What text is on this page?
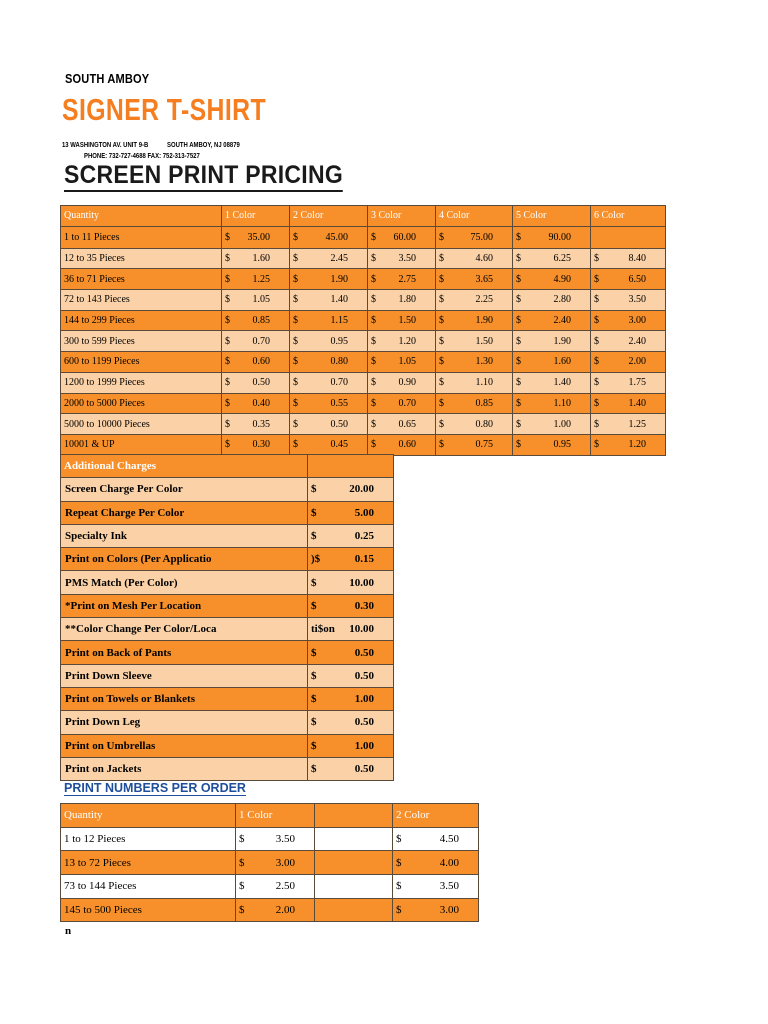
SOUTH AMBOY
SIGNER T-SHIRT
13 WASHINGTON AV. UNIT 9-B	SOUTH AMBOY, NJ 08879
PHONE: 732-727-4688 FAX: 752-313-7527
SCREEN PRINT PRICING
Quantity	1 Color	2 Color	3 Color	4 Color	5 Color	6 Color
1 to 11 Pieces	$ 35.00	$ 45.00	$ 60.00	$ 75.00	$ 90.00	

12 to 35 Pieces	$ 1.60	$ 2.45	$ 3.50	$ 4.60	$ 6.25	$ 8.40

36 to 71 Pieces	$ 1.25	$ 1.90	$ 2.75	$ 3.65	$ 4.90	$ 6.50

72 to 143 Pieces	$ 1.05	$ 1.40	$ 1.80	$ 2.25	$ 2.80	$ 3.50

144 to 299 Pieces	$ 0.85	$ 1.15	$ 1.50	$ 1.90	$ 2.40	$ 3.00

300 to 599 Pieces	$ 0.70	$ 0.95	$ 1.20	$ 1.50	$ 1.90	$ 2.40

600 to 1199 Pieces	$ 0.60	$ 0.80	$ 1.05	$ 1.30	$ 1.60	$ 2.00

1200 to 1999 Pieces	$ 0.50	$ 0.70	$ 0.90	$ 1.10	$ 1.40	$ 1.75

2000 to 5000 Pieces	$ 0.40	$ 0.55	$ 0.70	$ 0.85	$ 1.10	$ 1.40

5000 to 10000 Pieces	$ 0.35	$ 0.50	$ 0.65	$ 0.80	$ 1.00	$ 1.25

10001 & UP	$ 0.30	$ 0.45	$ 0.60	$ 0.75	$ 0.95	$ 1.20
Additional Charges	
Screen Charge Per Color	$ 20.00

Repeat Charge Per Color	$ 5.00

Specialty Ink	$ 0.25

Print on Colors (Per Applicatio	)$ 0.15

PMS Match (Per Color)	$ 10.00

*Print on Mesh Per Location	$ 0.30

**Color Change Per Color/Loca	ti$on 10.00

Print on Back of Pants	$ 0.50

Print Down Sleeve	$ 0.50

Print on Towels or Blankets	$ 1.00

Print Down Leg	$ 0.50

Print on Umbrellas	$ 1.00

Print on Jackets	$ 0.50
PRINT NUMBERS PER ORDER
Quantity	1 Color		2 Color
1 to 12 Pieces	$ 3.50		$ 4.50

13 to 72 Pieces	$ 3.00		$ 4.00

73 to 144 Pieces	$ 2.50		$ 3.50

145 to 500 Pieces	$ 2.00		$ 3.00
n
